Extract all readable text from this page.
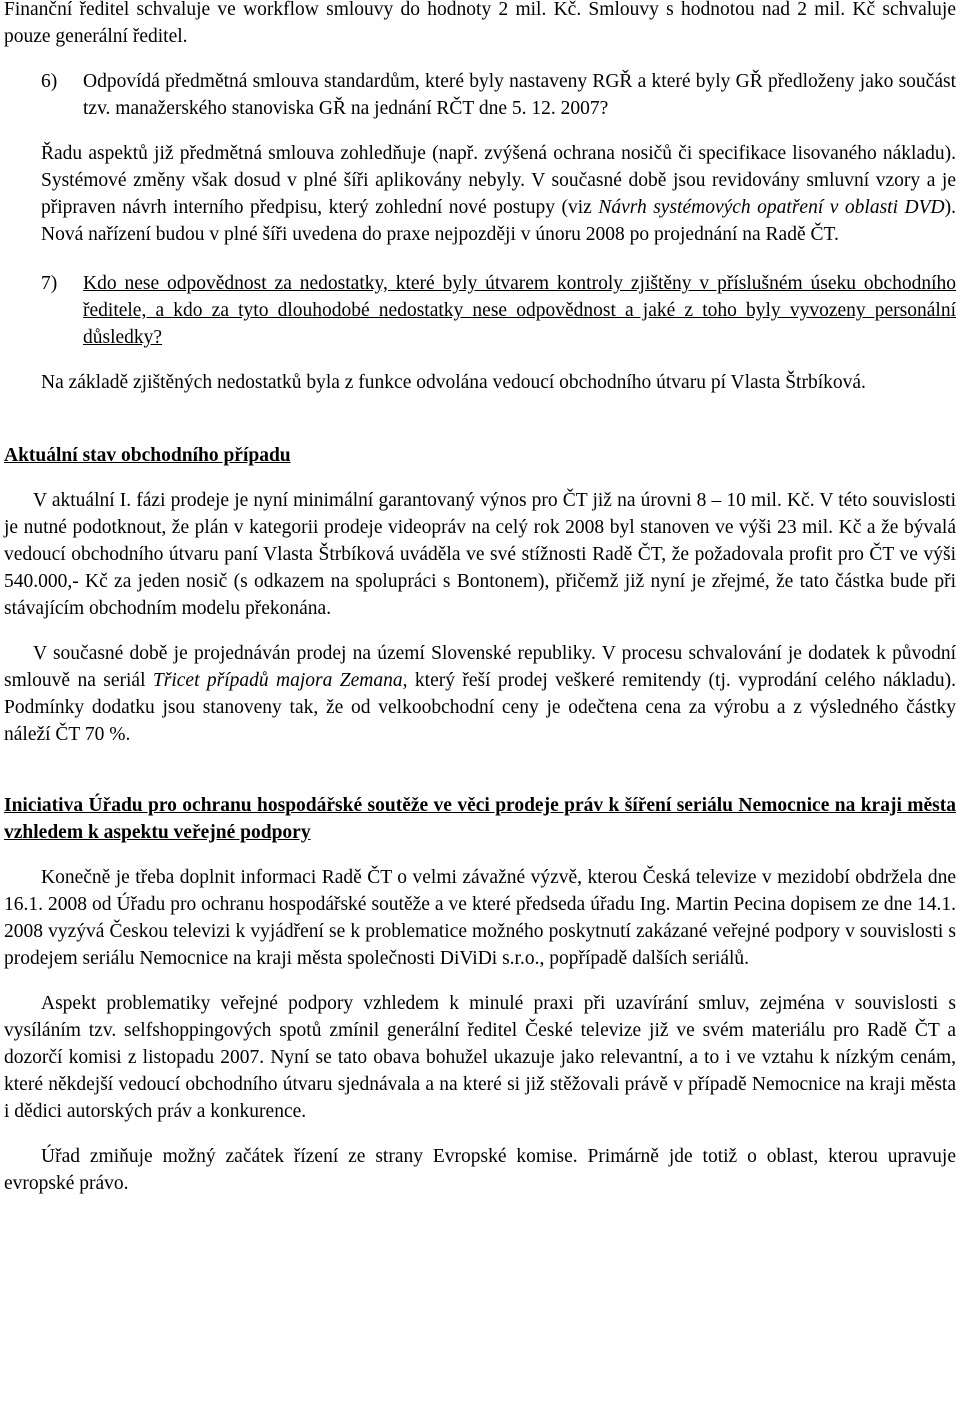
Finanční ředitel schvaluje ve workflow smlouvy do hodnoty 2 mil. Kč. Smlouvy s hodnotou nad 2 mil. Kč schvaluje pouze generální ředitel.

6)	Odpovídá předmětná smlouva standardům, které byly nastaveny RGŘ a které byly GŘ předloženy jako součást tzv. manažerského stanoviska GŘ na jednání RČT dne 5. 12. 2007?

Řadu aspektů již předmětná smlouva zohledňuje (např. zvýšená ochrana nosičů či specifikace lisovaného nákladu). Systémové změny však dosud v plné šíři aplikovány nebyly. V současné době jsou revidovány smluvní vzory a je připraven návrh interního předpisu, který zohlední nové postupy (viz Návrh systémových opatření v oblasti DVD). Nová nařízení budou v plné šíři uvedena do praxe nejpozději v únoru 2008 po projednání na Radě ČT.

7)	Kdo nese odpovědnost za nedostatky, které byly útvarem kontroly zjištěny v příslušném úseku obchodního ředitele, a kdo za tyto dlouhodobé nedostatky nese odpovědnost a jaké z toho byly vyvozeny personální důsledky?

Na základě zjištěných nedostatků byla z funkce odvolána vedoucí obchodního útvaru pí Vlasta Štrbíková.

Aktuální stav obchodního případu

V aktuální I. fázi prodeje je nyní minimální garantovaný výnos pro ČT již na úrovni 8 – 10 mil. Kč. V této souvislosti je nutné podotknout, že plán v kategorii prodeje videopráv na celý rok 2008 byl stanoven ve výši 23 mil. Kč a že bývalá vedoucí obchodního útvaru paní Vlasta Štrbíková uváděla ve své stížnosti Radě ČT, že požadovala profit pro ČT ve výši 540.000,- Kč za jeden nosič (s odkazem na spolupráci s Bontonem), přičemž již nyní je zřejmé, že tato částka bude při stávajícím obchodním modelu překonána.

V současné době je projednáván prodej na území Slovenské republiky. V procesu schvalování je dodatek k původní smlouvě na seriál Třicet případů majora Zemana, který řeší prodej veškeré remitendy (tj. vyprodání celého nákladu). Podmínky dodatku jsou stanoveny tak, že od velkoobchodní ceny je odečtena cena za výrobu a z výsledného částky náleží ČT 70 %.

Iniciativa Úřadu pro ochranu hospodářské soutěže ve věci prodeje práv k šíření seriálu Nemocnice na kraji města vzhledem k aspektu veřejné podpory

Konečně je třeba doplnit informaci Radě ČT o velmi závažné výzvě, kterou Česká televize v mezidobí obdržela dne 16.1. 2008 od Úřadu pro ochranu hospodářské soutěže a ve které předseda úřadu Ing. Martin Pecina dopisem ze dne 14.1. 2008 vyzývá Českou televizi k vyjádření se k problematice možného poskytnutí zakázané veřejné podpory v souvislosti s prodejem seriálu Nemocnice na kraji města společnosti DiViDi s.r.o., popřípadě dalších seriálů.

Aspekt problematiky veřejné podpory vzhledem k minulé praxi při uzavírání smluv, zejména v souvislosti s vysíláním tzv. selfshoppingových spotů zmínil generální ředitel České televize již ve svém materiálu pro Radě ČT a dozorčí komisi z listopadu 2007. Nyní se tato obava bohužel ukazuje jako relevantní, a to i ve vztahu k nízkým cenám, které někdejší vedoucí obchodního útvaru sjednávala a na které si již stěžovali právě v případě Nemocnice na kraji města i dědici autorských práv a konkurence.

Úřad zmiňuje možný začátek řízení ze strany Evropské komise. Primárně jde totiž o oblast, kterou upravuje evropské právo.
